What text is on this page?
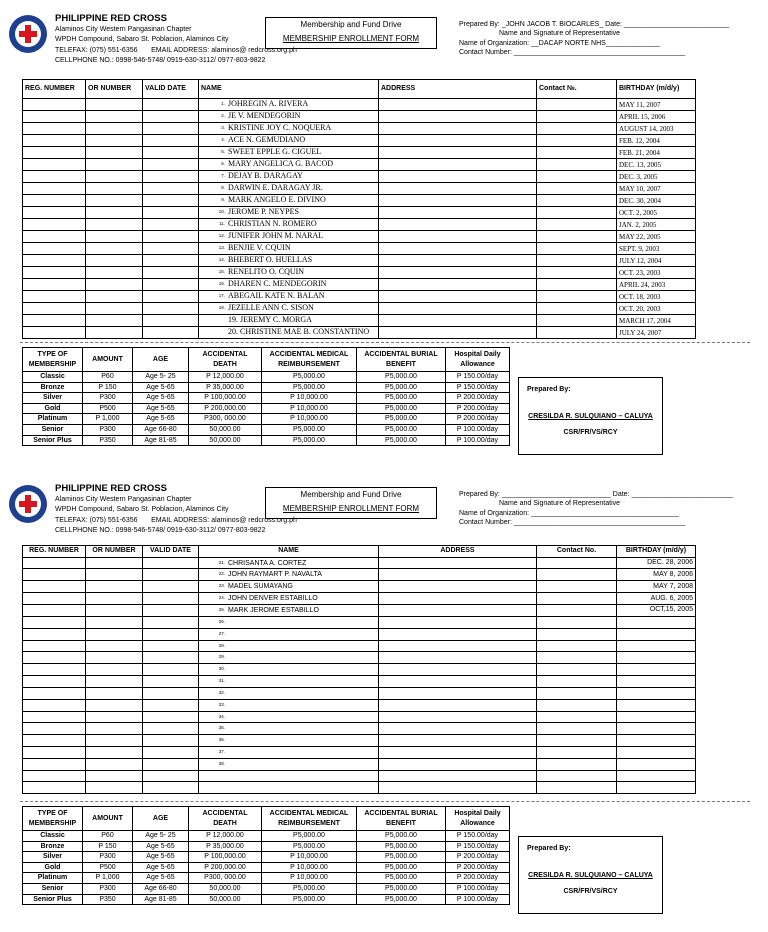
PHILIPPINE RED CROSS
Alaminos City Western Pangasinan Chapter
WPDH Compound, Sabaro St. Poblacion, Alaminos City
TELEFAX: (075) 551-6356 EMAIL ADDRESS: alaminos@ redcross.org.ph
CELLPHONE NO.: 0998-546-5748/ 0919-630-3112/ 0977-803-9822
Membership and Fund Drive
MEMBERSHIP ENROLLMENT FORM
Prepared By: _JOHN JACOB T. BIOCARLES_ Date: ___________________________
Name and Signature of Representative
Name of Organization: __DACAP NORTE NHS______________
Contact Number: ____________________________________________
REG. NUMBER	OR NUMBER	VALID DATE	NAME	ADDRESS	Contact №.	BIRTHDAY (m/d/y)
			1. JOHREGIN A. RIVERA			MAY 11, 2007
			2. JE V. MENDEGORIN			APRIL 15, 2006
			3. KRISTINE JOY C. NOQUERA			AUGUST 14, 2003
			4. ACE N. GEMUDIANO			FEB. 12, 2004
			5. SWEET EPPLE G. CIGUEL			FEB. 21, 2004
			6. MARY ANGELICA G. BACOD			DEC. 13, 2005
			7. DEJAY B. DARAGAY			DEC. 3, 2005
			8. DARWIN E. DARAGAY JR.			MAY 10, 2007
			9. MARK ANGELO E. DIVINO			DEC. 30, 2004
			10. JEROME P. NEYPES			OCT. 2, 2005
			11. CHRISTIAN N. ROMERO			JAN. 2, 2005
			12. JUNIFER JOHN M. NARAL			MAY 22, 2005
			13. BENJIE V. CQUIN			SEPT. 9, 2003
			14. BHEBERT O. HUELLAS			JULY 12, 2004
			15. RENELITO O. CQUIN			OCT. 23, 2003
			16. DHAREN C. MENDEGORIN			APRIL 24, 2003
			17. ABEGAIL KATE N. BALAN			OCT. 18, 2003
			18. JEZELLE ANN C. SISON			OCT. 20, 2003
			19. JEREMY C. MORGA			MARCH 17, 2004
			20. CHRISTINE MAE B. CONSTANTINO			JULY 24, 2007
TYPE OF MEMBERSHIP	AMOUNT	AGE	ACCIDENTAL DEATH	ACCIDENTAL MEDICAL REIMBURSEMENT	ACCIDENTAL BURIAL BENEFIT	Hospital Daily Allowance
Classic	P60	Age 5- 25	P 12,000.00	P5,000.00	P5,000.00	P 150.00/day
Bronze	P 150	Age 5-65	P 35,000.00	P5,000.00	P5,000.00	P 150.00/day
Silver	P300	Age 5-65	P 100,000.00	P 10,000.00	P5,000.00	P 200.00/day
Gold	P500	Age 5-65	P 200,000.00	P 10,000.00	P5,000.00	P 200.00/day
Platinum	P 1,000	Age 5-65	P300, 000.00	P 10,000.00	P5,000.00	P 200.00/day
Senior	P300	Age 66-80	50,000.00	P5,000.00	P5,000.00	P 100.00/day
Senior Plus	P350	Age 81-85	50,000.00	P5,000.00	P5,000.00	P 100.00/day
Prepared By:
CRESILDA R. SULQUIANO – CALUYA
CSR/FR/VS/RCY
PHILIPPINE RED CROSS
Alaminos City Western Pangasinan Chapter
WPDH Compound, Sabaro St. Poblacion, Alaminos City
TELEFAX: (075) 551-6356 EMAIL ADDRESS: alaminos@ redcross.org.ph
CELLPHONE NO.: 0998-546-5748/ 0919-630-3112/ 0977-803-9822
Membership and Fund Drive
MEMBERSHIP ENROLLMENT FORM
Prepared By: ____________________________ Date: __________________________
Name and Signature of Representative
Name of Organization: ______________________________________
Contact Number: ____________________________________________
REG. NUMBER	OR NUMBER	VALID DATE	NAME	ADDRESS	Contact No.	BIRTHDAY (m/d/y)
			21. CHRISANTA A. CORTEZ			DEC. 28, 2006
			22. JOHN RAYMART P. NAVALTA			MAY 8, 2006
			23. MADEL SUMAYANG			MAY 7, 2008
			24. JOHN DENVER ESTABILLO			AUG. 6, 2005
			25. MARK JEROME ESTABILLO			OCT,15, 2005
			26.			
			27.			
			28.			
			29.			
			30.			
			31.			
			32.			
			33.			
			34.			
			35.			
			36.			
			37.			
			38.			

TYPE OF MEMBERSHIP	AMOUNT	AGE	ACCIDENTAL DEATH	ACCIDENTAL MEDICAL REIMBURSEMENT	ACCIDENTAL BURIAL BENEFIT	Hospital Daily Allowance
Classic	P60	Age 5- 25	P 12,000.00	P5,000.00	P5,000.00	P 150.00/day
Bronze	P 150	Age 5-65	P 35,000.00	P5,000.00	P5,000.00	P 150.00/day
Silver	P300	Age 5-65	P 100,000.00	P 10,000.00	P5,000.00	P 200.00/day
Gold	P500	Age 5-65	P 200,000.00	P 10,000.00	P5,000.00	P 200.00/day
Platinum	P 1,000	Age 5-65	P300, 000.00	P 10,000.00	P5,000.00	P 200.00/day
Senior	P300	Age 66-80	50,000.00	P5,000.00	P5,000.00	P 100.00/day
Senior Plus	P350	Age 81-85	50,000.00	P5,000.00	P5,000.00	P 100.00/day
Prepared By:
CRESILDA R. SULQUIANO – CALUYA
CSR/FR/VS/RCY
